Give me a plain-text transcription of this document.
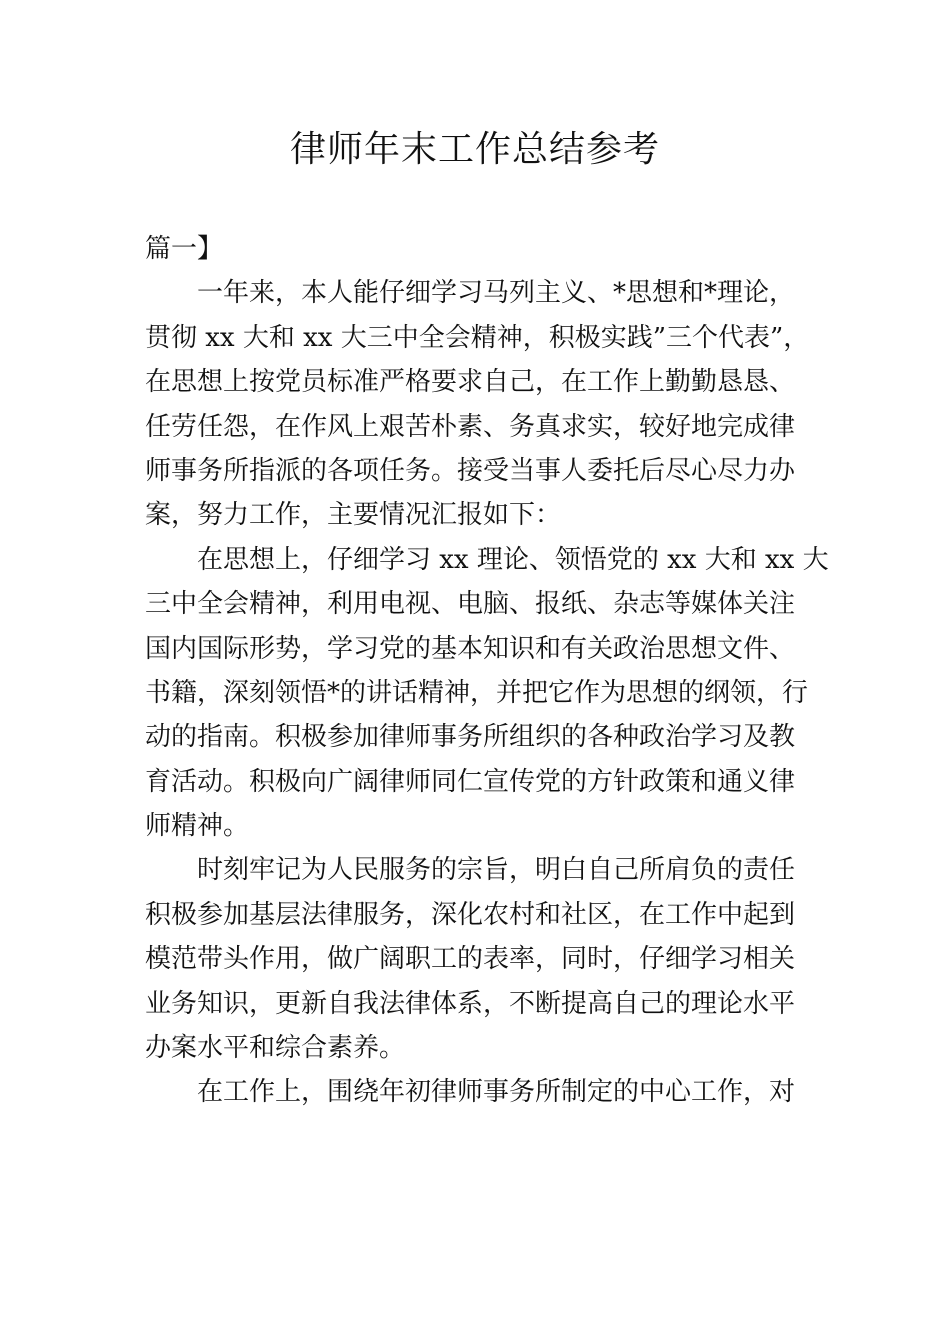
律师年末工作总结参考
篇一】
一年来，本人能仔细学习马列主义、*思想和*理论，
贯彻 xx 大和 xx 大三中全会精神，积极实践”三个代表”，
在思想上按党员标准严格要求自己，在工作上勤勤恳恳、
任劳任怨，在作风上艰苦朴素、务真求实，较好地完成律
师事务所指派的各项任务。接受当事人委托后尽心尽力办
案，努力工作，主要情况汇报如下：
在思想上，仔细学习 xx 理论、领悟党的 xx 大和 xx 大
三中全会精神，利用电视、电脑、报纸、杂志等媒体关注
国内国际形势，学习党的基本知识和有关政治思想文件、
书籍，深刻领悟*的讲话精神，并把它作为思想的纲领，行
动的指南。积极参加律师事务所组织的各种政治学习及教
育活动。积极向广阔律师同仁宣传党的方针政策和通义律
师精神。
时刻牢记为人民服务的宗旨，明白自己所肩负的责任
积极参加基层法律服务，深化农村和社区，在工作中起到
模范带头作用，做广阔职工的表率，同时，仔细学习相关
业务知识，更新自我法律体系，不断提高自己的理论水平
办案水平和综合素养。
在工作上，围绕年初律师事务所制定的中心工作，对
